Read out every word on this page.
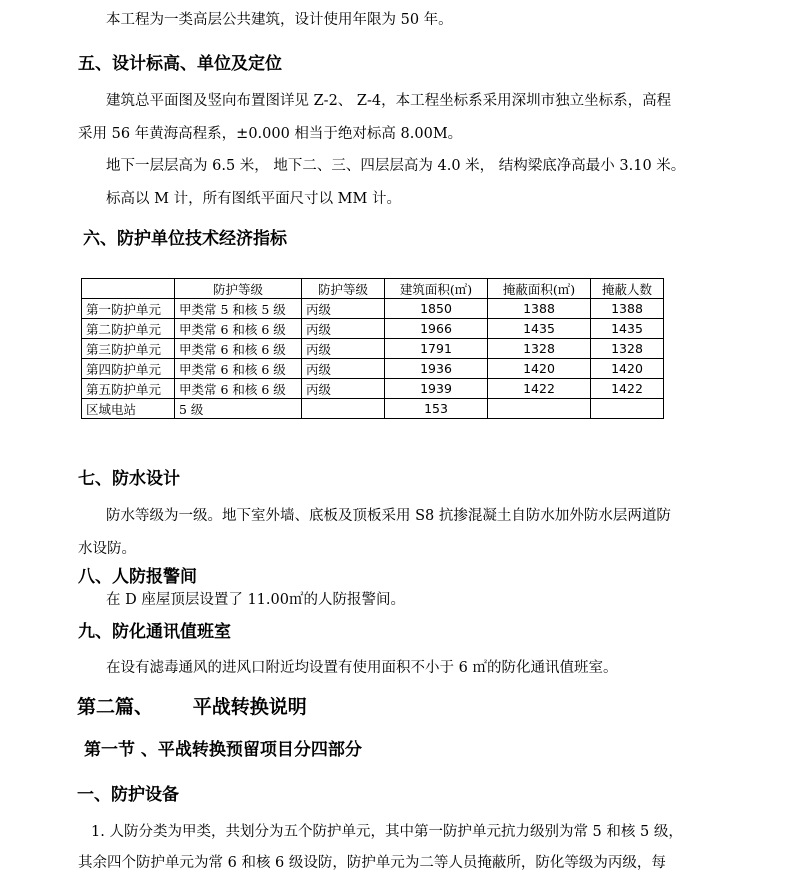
本工程为一类高层公共建筑，设计使用年限为 50 年。
五、设计标高、单位及定位
建筑总平面图及竖向布置图详见 Z-2、 Z-4，本工程坐标系采用深圳市独立坐标系，高程
采用 56 年黄海高程系，±0.000 相当于绝对标高 8.00M。
地下一层层高为 6.5 米， 地下二、三、四层层高为 4.0 米， 结构梁底净高最小 3.10 米。
标高以 M 计，所有图纸平面尺寸以 MM 计。
六、防护单位技术经济指标
	防护等级	防护等级	建筑面积(㎡)	掩蔽面积(㎡)	掩蔽人数
第一防护单元	甲类常 5 和核 5 级	丙级	1850	1388	1388
第二防护单元	甲类常 6 和核 6 级	丙级	1966	1435	1435
第三防护单元	甲类常 6 和核 6 级	丙级	1791	1328	1328
第四防护单元	甲类常 6 和核 6 级	丙级	1936	1420	1420
第五防护单元	甲类常 6 和核 6 级	丙级	1939	1422	1422
区域电站	5 级		153		
七、防水设计
防水等级为一级。地下室外墙、底板及顶板采用 S8 抗掺混凝土自防水加外防水层两道防
水设防。
八、人防报警间
在 D 座屋顶层设置了 11.00㎡的人防报警间。
九、防化通讯值班室
在设有滤毒通风的进风口附近均设置有使用面积不小于 6 ㎡的防化通讯值班室。
第二篇、      平战转换说明
第一节 、平战转换预留项目分四部分
一、防护设备
1. 人防分类为甲类，共划分为五个防护单元，其中第一防护单元抗力级别为常 5 和核 5 级，
其余四个防护单元为常 6 和核 6 级设防，防护单元为二等人员掩蔽所，防化等级为丙级，每
